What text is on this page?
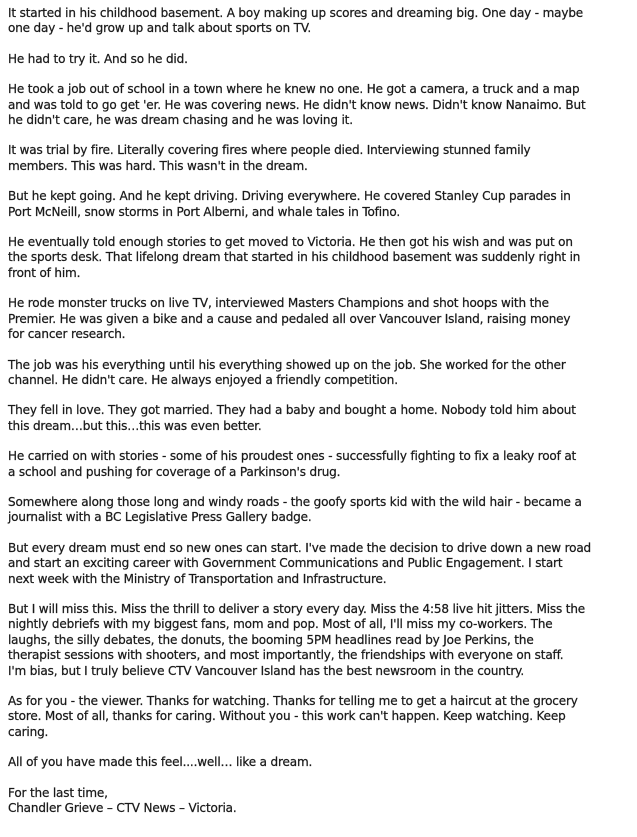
It started in his childhood basement. A boy making up scores and dreaming big. One day - maybe
one day - he'd grow up and talk about sports on TV.

He had to try it. And so he did.

He took a job out of school in a town where he knew no one. He got a camera, a truck and a map
and was told to go get 'er. He was covering news. He didn't know news. Didn't know Nanaimo. But
he didn't care, he was dream chasing and he was loving it.

It was trial by fire. Literally covering fires where people died. Interviewing stunned family
members. This was hard. This wasn't in the dream.

But he kept going. And he kept driving. Driving everywhere. He covered Stanley Cup parades in
Port McNeill, snow storms in Port Alberni, and whale tales in Tofino.

He eventually told enough stories to get moved to Victoria. He then got his wish and was put on
the sports desk. That lifelong dream that started in his childhood basement was suddenly right in
front of him.

He rode monster trucks on live TV, interviewed Masters Champions and shot hoops with the
Premier. He was given a bike and a cause and pedaled all over Vancouver Island, raising money
for cancer research.

The job was his everything until his everything showed up on the job. She worked for the other
channel. He didn't care. He always enjoyed a friendly competition.

They fell in love. They got married. They had a baby and bought a home. Nobody told him about
this dream…but this…this was even better.

He carried on with stories - some of his proudest ones - successfully fighting to fix a leaky roof at
a school and pushing for coverage of a Parkinson's drug.

Somewhere along those long and windy roads - the goofy sports kid with the wild hair - became a
journalist with a BC Legislative Press Gallery badge.

But every dream must end so new ones can start. I've made the decision to drive down a new road
and start an exciting career with Government Communications and Public Engagement. I start
next week with the Ministry of Transportation and Infrastructure.

But I will miss this. Miss the thrill to deliver a story every day. Miss the 4:58 live hit jitters. Miss the
nightly debriefs with my biggest fans, mom and pop. Most of all, I'll miss my co-workers. The
laughs, the silly debates, the donuts, the booming 5PM headlines read by Joe Perkins, the
therapist sessions with shooters, and most importantly, the friendships with everyone on staff.
I'm bias, but I truly believe CTV Vancouver Island has the best newsroom in the country.

As for you - the viewer. Thanks for watching. Thanks for telling me to get a haircut at the grocery
store. Most of all, thanks for caring. Without you - this work can't happen. Keep watching. Keep
caring.

All of you have made this feel....well… like a dream.

For the last time,
Chandler Grieve – CTV News – Victoria.
